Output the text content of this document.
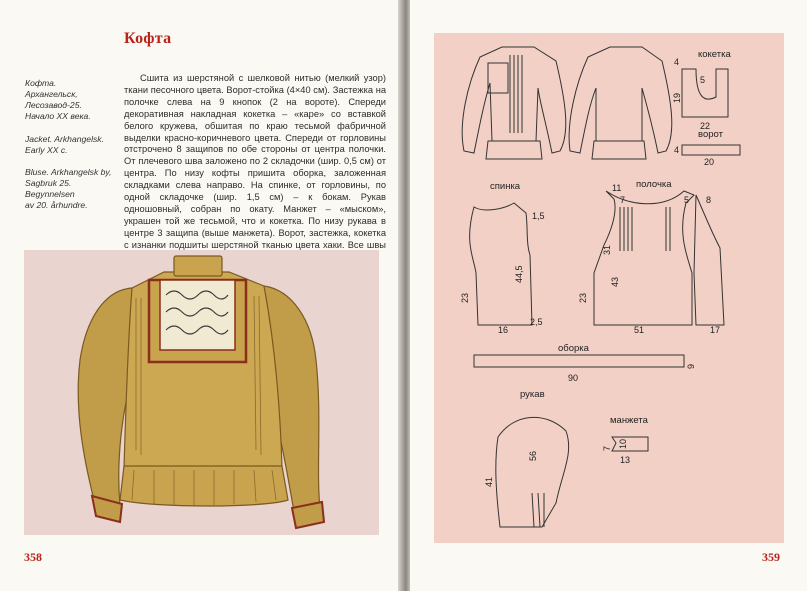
Кофта
Кофта.
Архангельск,
Лесозавод-25.
Начало XX века.
Jacket. Arkhangelsk.
Early XX c.
Bluse. Arkhangelsk by,
Sagbruk 25. Begynnelsen
av 20. århundre.
Сшита из шерстяной с шелковой нитью (мелкий узор) ткани песочного цвета. Ворот-стойка (4×40 см). Застежка на полочке слева на 9 кнопок (2 на вороте). Спереди декоративная накладная кокетка – «каре» со вставкой белого кружева, обшитая по краю тесьмой фабричной выделки красно-коричневого цвета. Спереди от горловины отстрочено 8 защипов по обе стороны от центра полочки. От плечевого шва заложено по 2 складочки (шир. 0,5 см) от центра. По низу кофты пришита оборка, заложенная складками слева направо. На спинке, от горловины, по одной складочке (шир. 1,5 см) – к бокам. Рукав одношовный, собран по окату. Манжет – «мыском», украшен той же тесьмой, что и кокетка. По низу рукава в центре 3 защипа (выше манжета). Ворот, застежка, кокетка с изнанки подшиты шерстяной тканью цвета хаки. Все швы
358
кокетка
4
5
19
22
ворот
4
20
спинка
1,5
44,5
23
16
2,5
полочка
11
7	5 8
31
43
23
51	17
оборка
9
90
рукав
56
41
манжета
7 10
13
359
